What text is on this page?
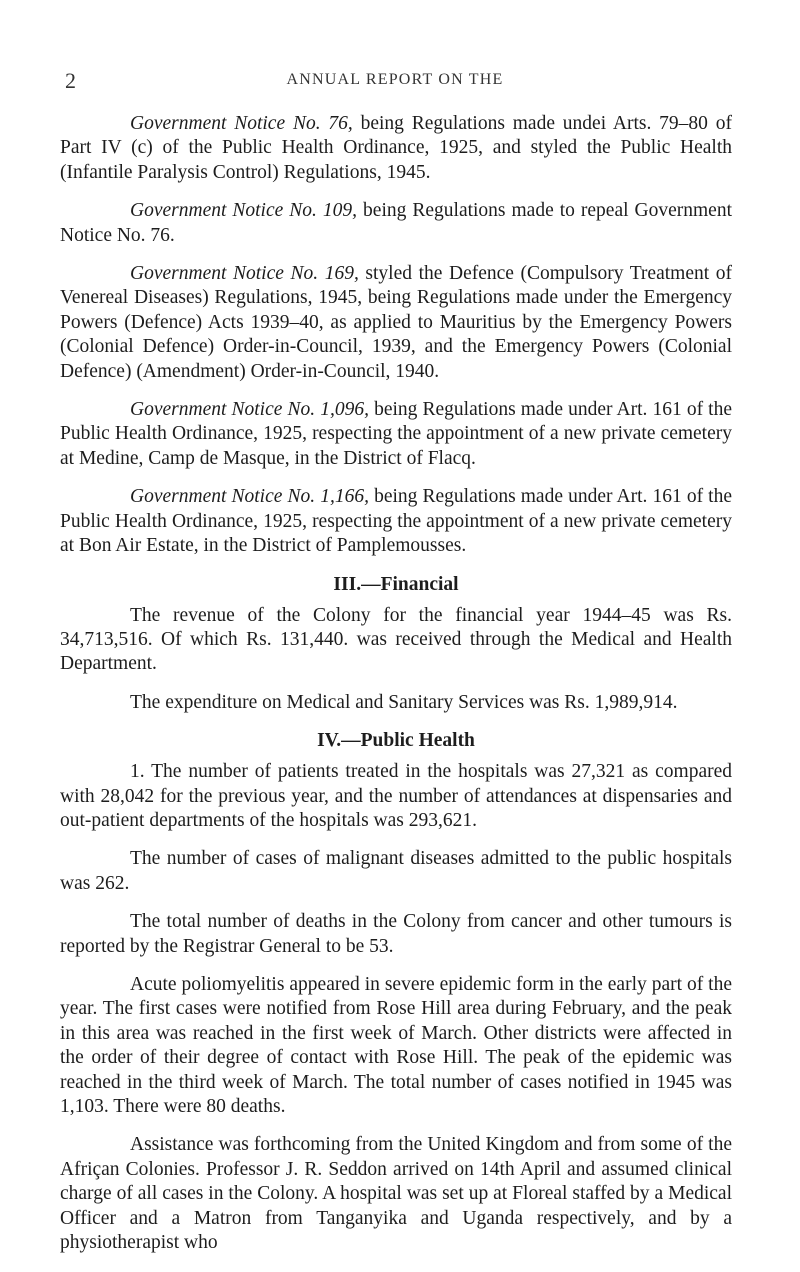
2	ANNUAL REPORT ON THE

Government Notice No. 76, being Regulations made undei Arts. 79–80 of Part IV (c) of the Public Health Ordinance, 1925, and styled the Public Health (Infantile Paralysis Control) Regulations, 1945.

Government Notice No. 109, being Regulations made to repeal Government Notice No. 76.

Government Notice No. 169, styled the Defence (Compulsory Treatment of Venereal Diseases) Regulations, 1945, being Regulations made under the Emergency Powers (Defence) Acts 1939–40, as applied to Mauritius by the Emergency Powers (Colonial Defence) Order-in-Council, 1939, and the Emergency Powers (Colonial Defence) (Amendment) Order-in-Council, 1940.

Government Notice No. 1,096, being Regulations made under Art. 161 of the Public Health Ordinance, 1925, respecting the appointment of a new private cemetery at Medine, Camp de Masque, in the District of Flacq.

Government Notice No. 1,166, being Regulations made under Art. 161 of the Public Health Ordinance, 1925, respecting the appointment of a new private cemetery at Bon Air Estate, in the District of Pamplemousses.

III.—Financial

The revenue of the Colony for the financial year 1944–45 was Rs. 34,713,516. Of which Rs. 131,440. was received through the Medical and Health Department.

The expenditure on Medical and Sanitary Services was Rs. 1,989,914.

IV.—Public Health

1. The number of patients treated in the hospitals was 27,321 as compared with 28,042 for the previous year, and the number of attendances at dispensaries and out-patient departments of the hospitals was 293,621.

The number of cases of malignant diseases admitted to the public hospitals was 262.

The total number of deaths in the Colony from cancer and other tumours is reported by the Registrar General to be 53.

Acute poliomyelitis appeared in severe epidemic form in the early part of the year. The first cases were notified from Rose Hill area during February, and the peak in this area was reached in the first week of March. Other districts were affected in the order of their degree of contact with Rose Hill. The peak of the epidemic was reached in the third week of March. The total number of cases notified in 1945 was 1,103. There were 80 deaths.

Assistance was forthcoming from the United Kingdom and from some of the Afriçan Colonies. Professor J. R. Seddon arrived on 14th April and assumed clinical charge of all cases in the Colony. A hospital was set up at Floreal staffed by a Medical Officer and a Matron from Tanganyika and Uganda respectively, and by a physiotherapist who
